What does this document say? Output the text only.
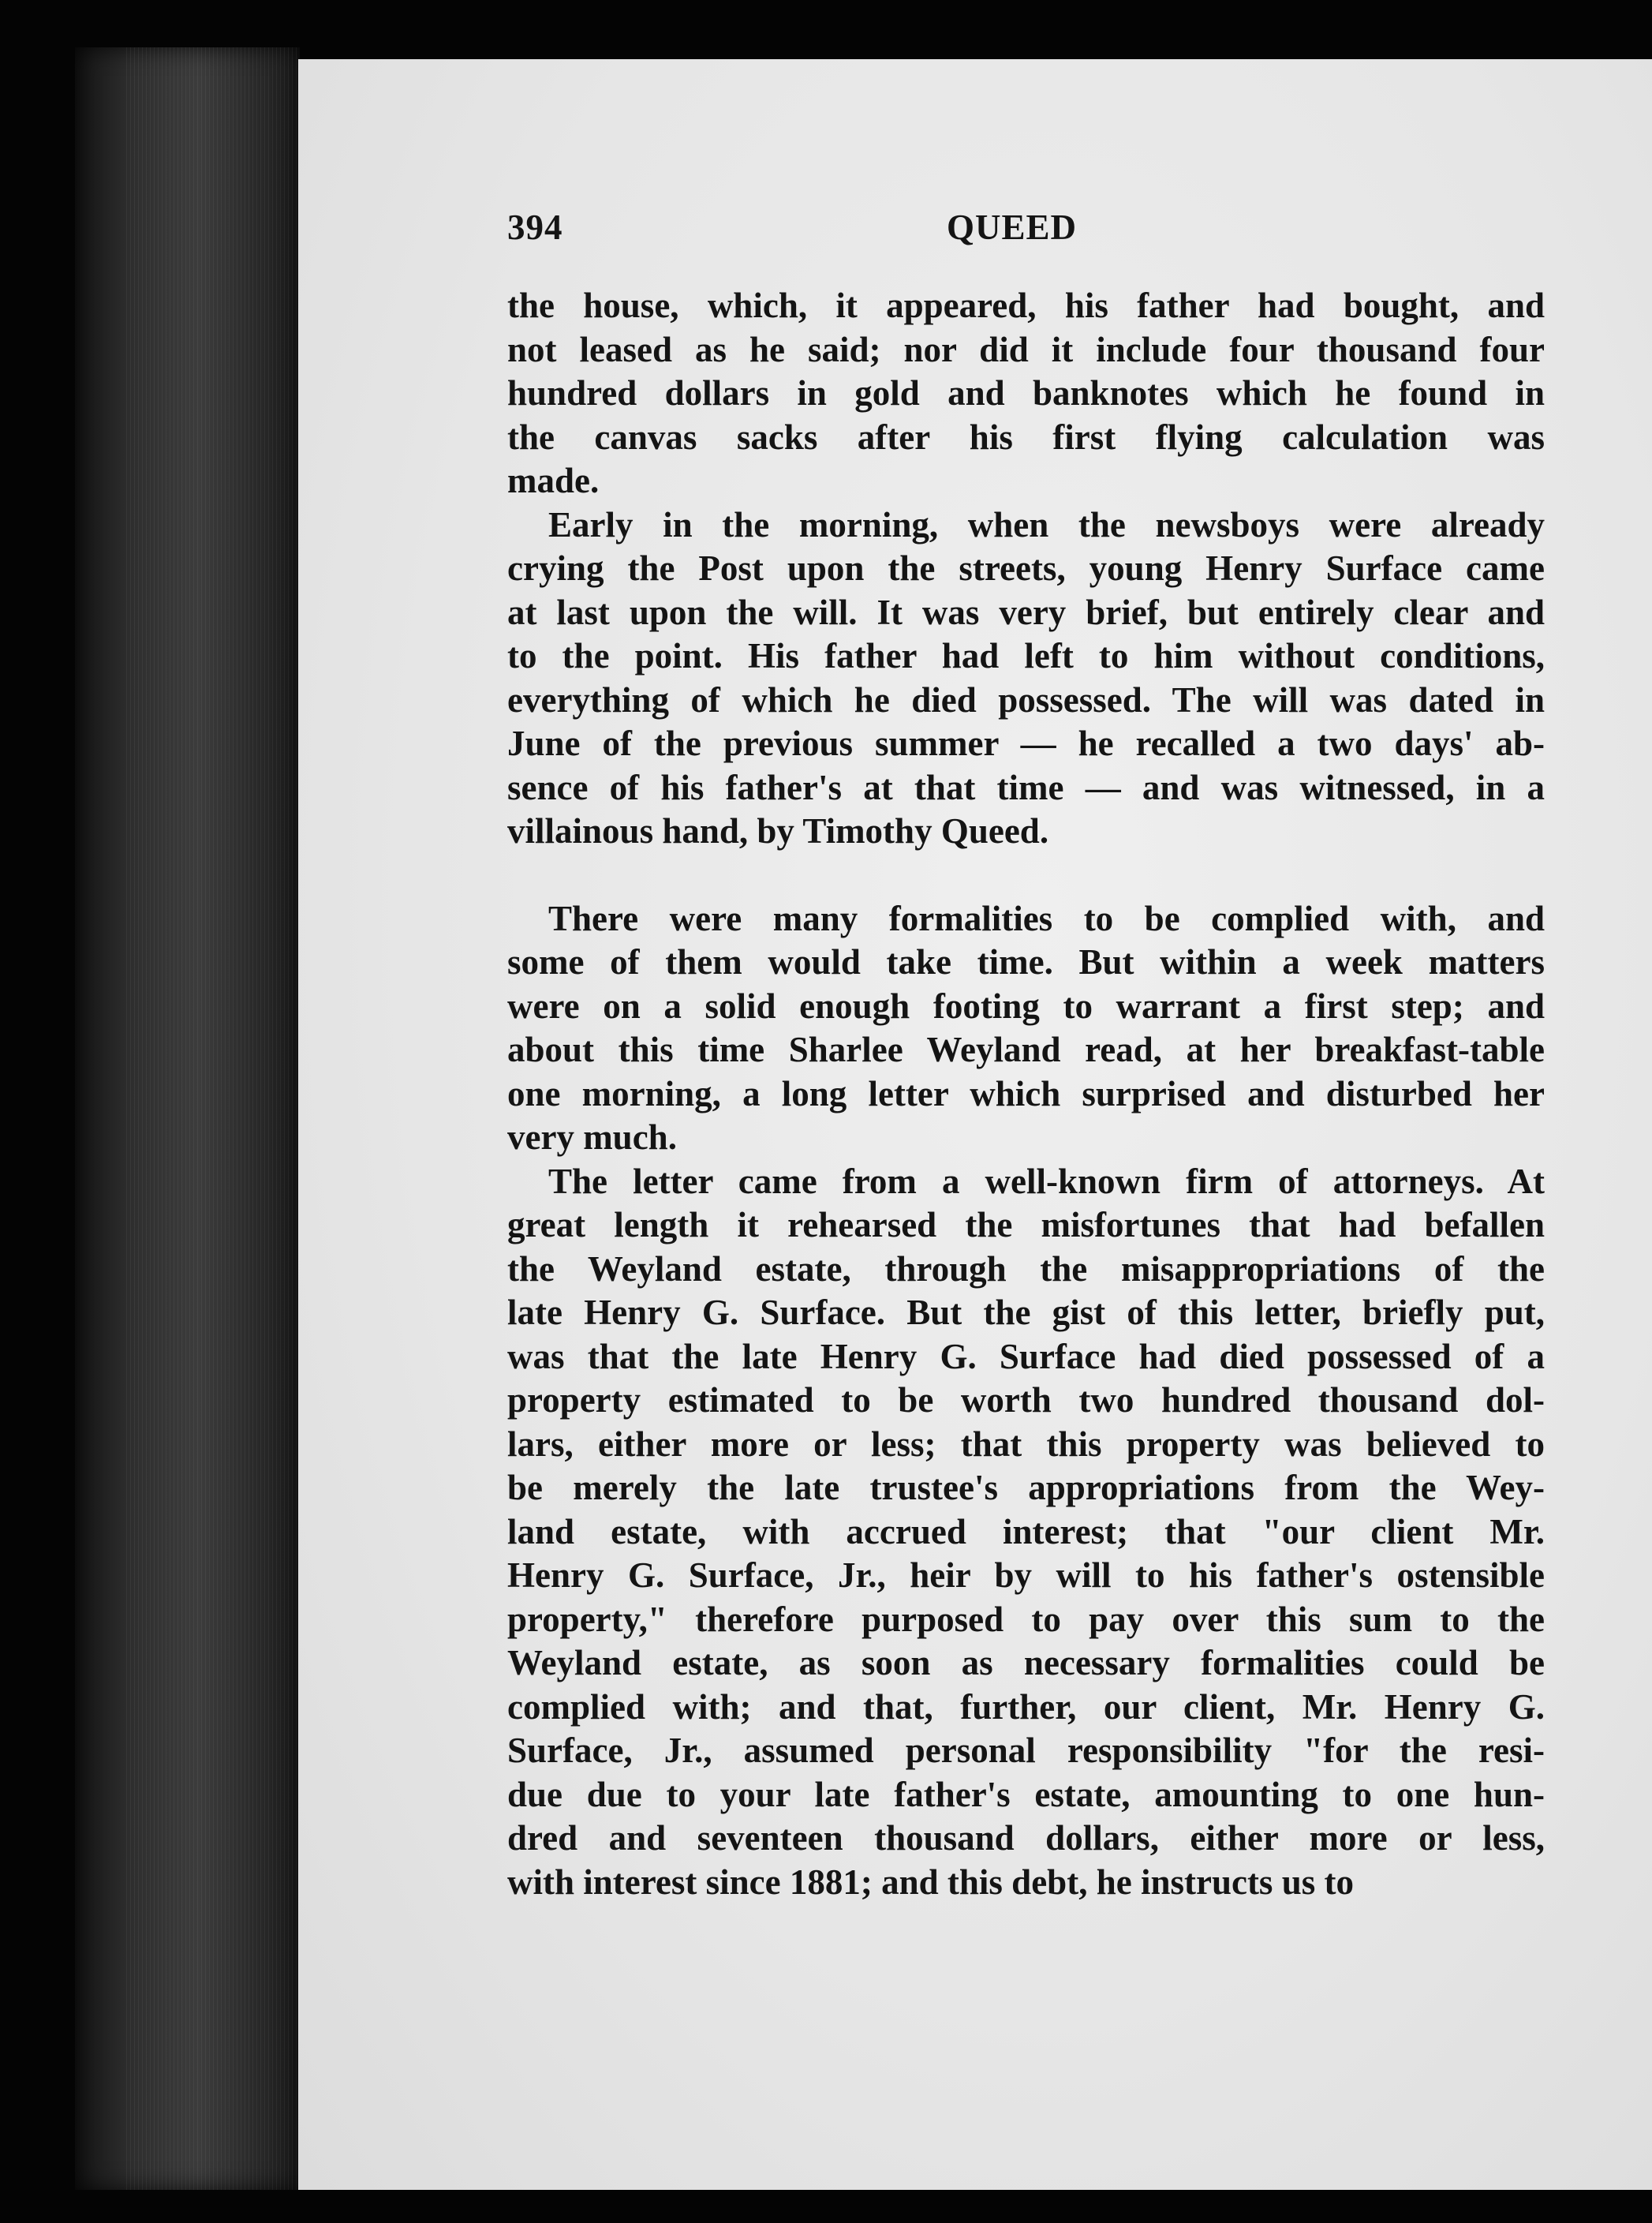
394	QUEED
the house, which, it appeared, his father had bought, and
not leased as he said; nor did it include four thousand four
hundred dollars in gold and banknotes which he found in
the canvas sacks after his first flying calculation was
made.
Early in the morning, when the newsboys were already
crying the Post upon the streets, young Henry Surface came
at last upon the will. It was very brief, but entirely clear and
to the point. His father had left to him without conditions,
everything of which he died possessed. The will was dated in
June of the previous summer — he recalled a two days' ab-
sence of his father's at that time — and was witnessed, in a
villainous hand, by Timothy Queed.
There were many formalities to be complied with, and
some of them would take time. But within a week matters
were on a solid enough footing to warrant a first step; and
about this time Sharlee Weyland read, at her breakfast-table
one morning, a long letter which surprised and disturbed her
very much.
The letter came from a well-known firm of attorneys. At
great length it rehearsed the misfortunes that had befallen
the Weyland estate, through the misappropriations of the
late Henry G. Surface. But the gist of this letter, briefly put,
was that the late Henry G. Surface had died possessed of a
property estimated to be worth two hundred thousand dol-
lars, either more or less; that this property was believed to
be merely the late trustee's appropriations from the Wey-
land estate, with accrued interest; that "our client Mr.
Henry G. Surface, Jr., heir by will to his father's ostensible
property," therefore purposed to pay over this sum to the
Weyland estate, as soon as necessary formalities could be
complied with; and that, further, our client, Mr. Henry G.
Surface, Jr., assumed personal responsibility "for the resi-
due due to your late father's estate, amounting to one hun-
dred and seventeen thousand dollars, either more or less,
with interest since 1881; and this debt, he instructs us to
